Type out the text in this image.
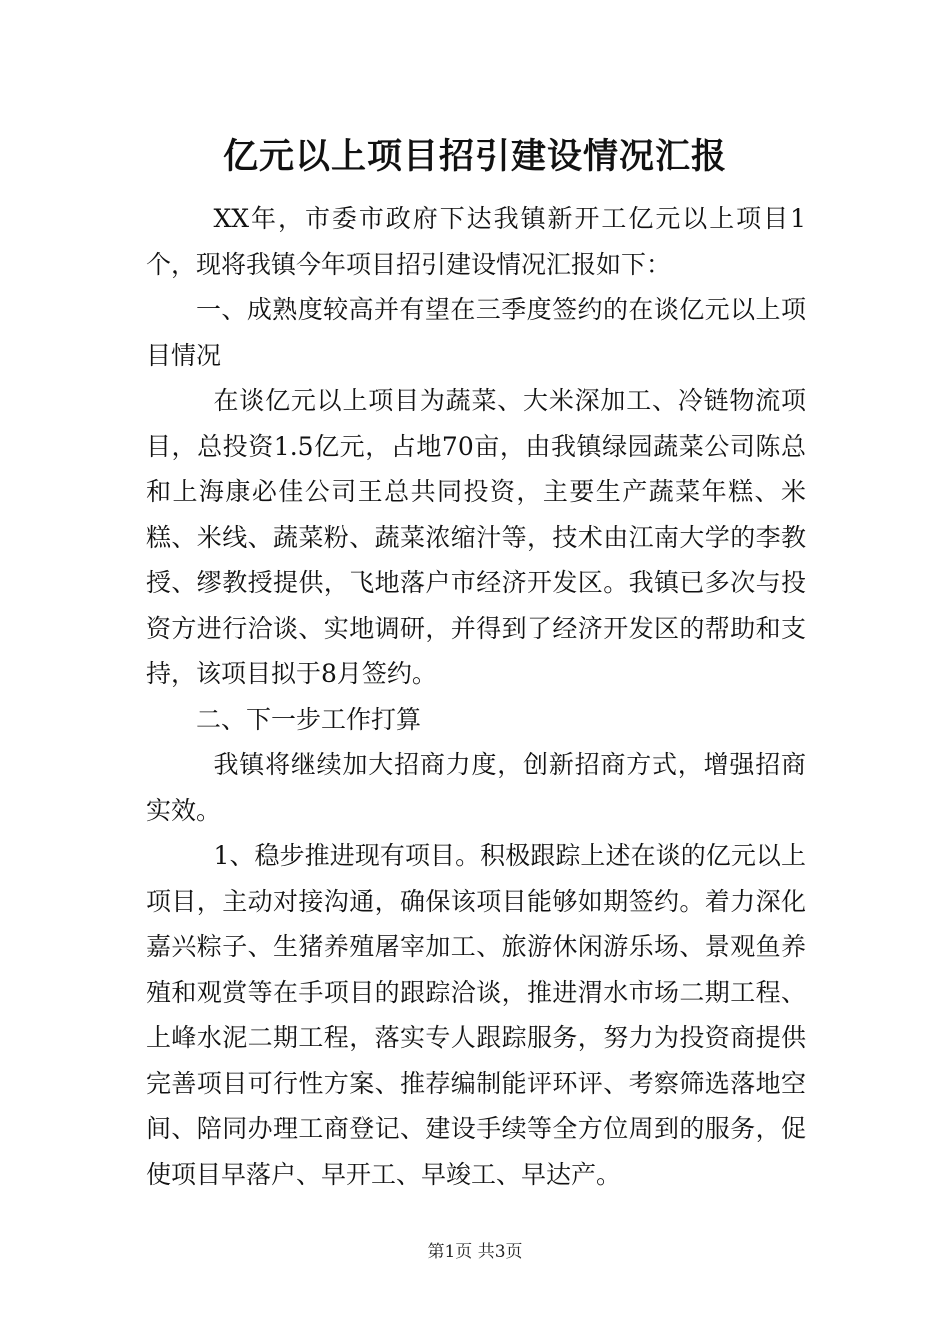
亿元以上项目招引建设情况汇报

XX年，市委市政府下达我镇新开工亿元以上项目1个，现将我镇今年项目招引建设情况汇报如下：

一、成熟度较高并有望在三季度签约的在谈亿元以上项目情况

在谈亿元以上项目为蔬菜、大米深加工、冷链物流项目，总投资1.5亿元，占地70亩，由我镇绿园蔬菜公司陈总和上海康必佳公司王总共同投资，主要生产蔬菜年糕、米糕、米线、蔬菜粉、蔬菜浓缩汁等，技术由江南大学的李教授、缪教授提供，飞地落户市经济开发区。我镇已多次与投资方进行洽谈、实地调研，并得到了经济开发区的帮助和支持，该项目拟于8月签约。

二、下一步工作打算

我镇将继续加大招商力度，创新招商方式，增强招商实效。

1、稳步推进现有项目。积极跟踪上述在谈的亿元以上项目，主动对接沟通，确保该项目能够如期签约。着力深化嘉兴粽子、生猪养殖屠宰加工、旅游休闲游乐场、景观鱼养殖和观赏等在手项目的跟踪洽谈，推进渭水市场二期工程、上峰水泥二期工程，落实专人跟踪服务，努力为投资商提供完善项目可行性方案、推荐编制能评环评、考察筛选落地空间、陪同办理工商登记、建设手续等全方位周到的服务，促使项目早落户、早开工、早竣工、早达产。

第1页 共3页
